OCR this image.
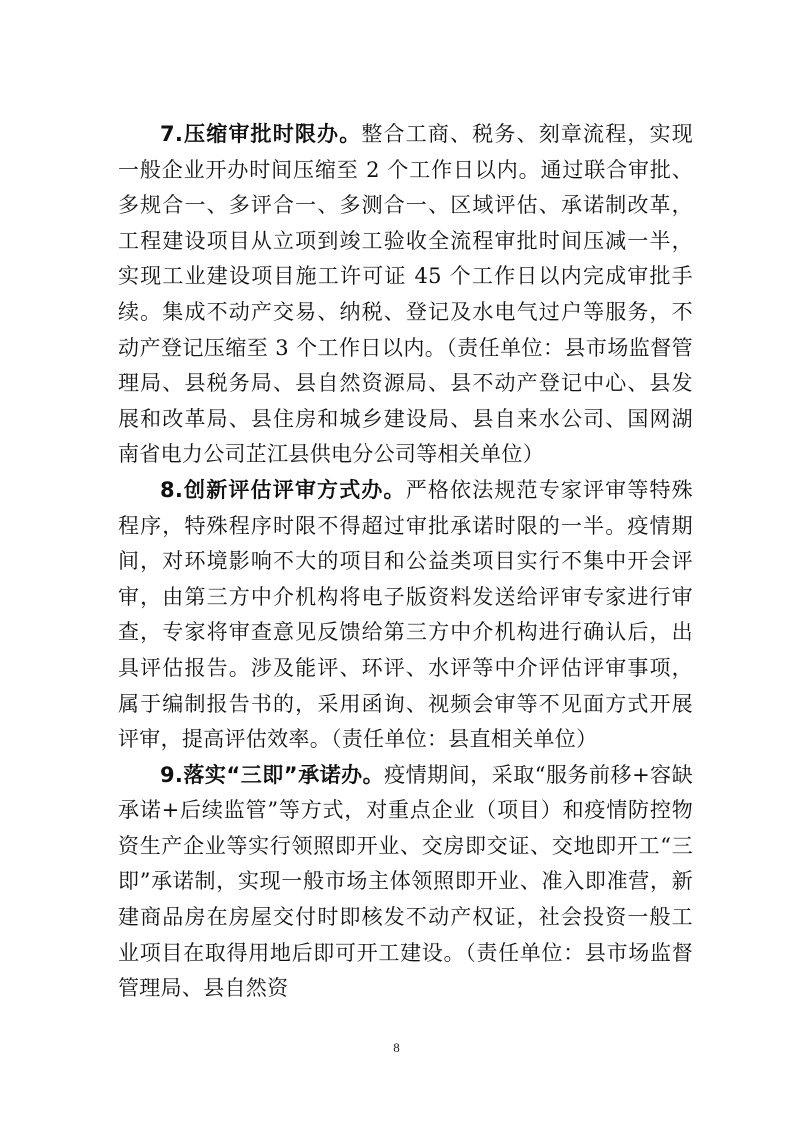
7.压缩审批时限办。整合工商、税务、刻章流程，实现一般企业开办时间压缩至 2 个工作日以内。通过联合审批、多规合一、多评合一、多测合一、区域评估、承诺制改革，工程建设项目从立项到竣工验收全流程审批时间压减一半，实现工业建设项目施工许可证 45 个工作日以内完成审批手续。集成不动产交易、纳税、登记及水电气过户等服务，不动产登记压缩至 3 个工作日以内。（责任单位：县市场监督管理局、县税务局、县自然资源局、县不动产登记中心、县发展和改革局、县住房和城乡建设局、县自来水公司、国网湖南省电力公司芷江县供电分公司等相关单位）

8.创新评估评审方式办。严格依法规范专家评审等特殊程序，特殊程序时限不得超过审批承诺时限的一半。疫情期间，对环境影响不大的项目和公益类项目实行不集中开会评审，由第三方中介机构将电子版资料发送给评审专家进行审查，专家将审查意见反馈给第三方中介机构进行确认后，出具评估报告。涉及能评、环评、水评等中介评估评审事项，属于编制报告书的，采用函询、视频会审等不见面方式开展评审，提高评估效率。（责任单位：县直相关单位）

9.落实“三即”承诺办。疫情期间，采取“服务前移+容缺承诺+后续监管”等方式，对重点企业（项目）和疫情防控物资生产企业等实行领照即开业、交房即交证、交地即开工“三即”承诺制，实现一般市场主体领照即开业、准入即准营，新建商品房在房屋交付时即核发不动产权证，社会投资一般工业项目在取得用地后即可开工建设。（责任单位：县市场监督管理局、县自然资

8
